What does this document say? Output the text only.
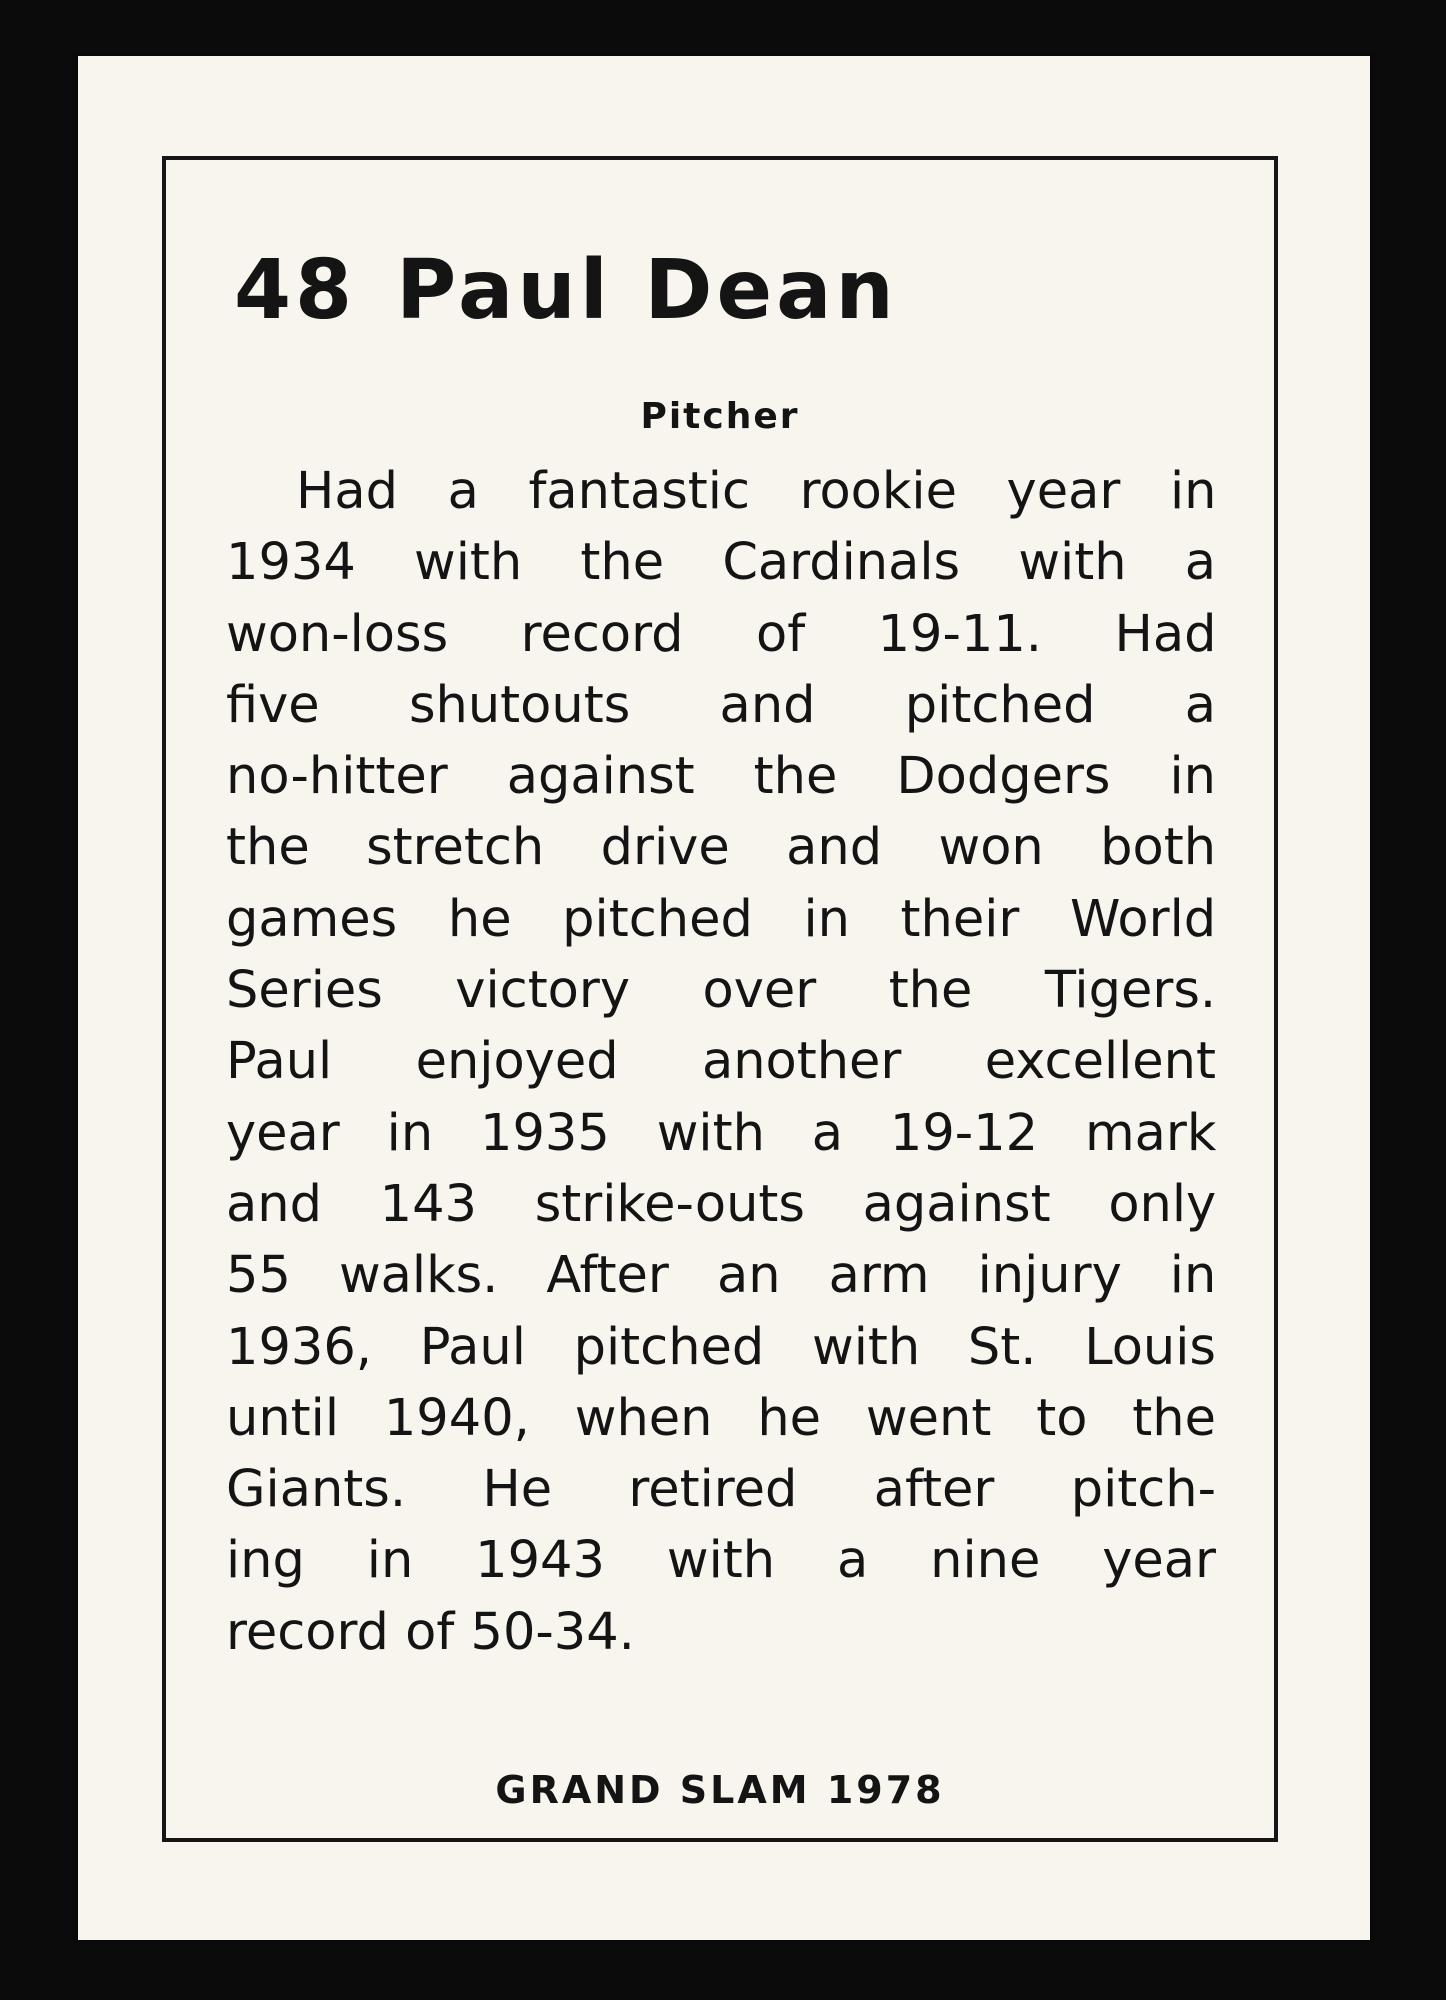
48 Paul Dean
Pitcher
Had a fantastic rookie year in
1934 with the Cardinals with a
won-loss record of 19-11. Had
five shutouts and pitched a
no-hitter against the Dodgers in
the stretch drive and won both
games he pitched in their World
Series victory over the Tigers.
Paul enjoyed another excellent
year in 1935 with a 19-12 mark
and 143 strike-outs against only
55 walks. After an arm injury in
1936, Paul pitched with St. Louis
until 1940, when he went to the
Giants. He retired after pitch-
ing in 1943 with a nine year
record of 50-34.
GRAND SLAM 1978
